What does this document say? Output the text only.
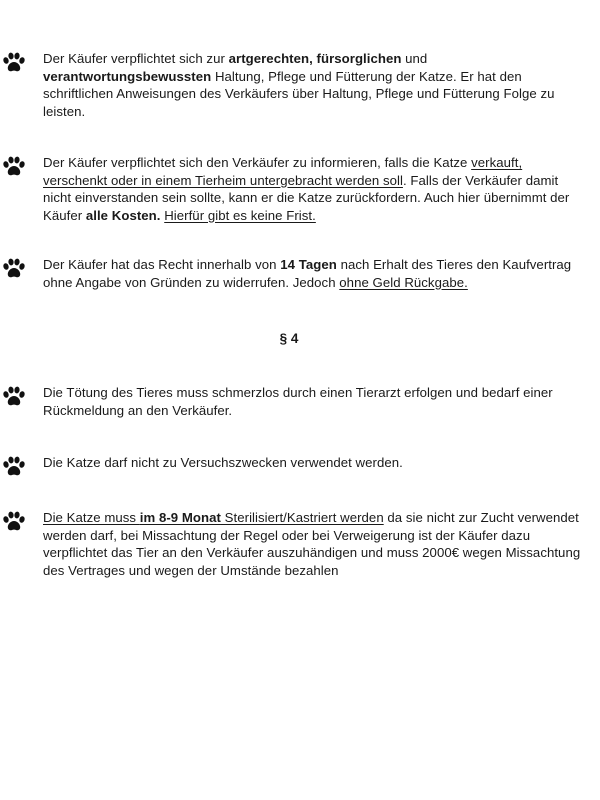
Der Käufer verpflichtet sich zur artgerechten, fürsorglichen und verantwortungsbewussten Haltung, Pflege und Fütterung der Katze. Er hat den schriftlichen Anweisungen des Verkäufers über Haltung, Pflege und Fütterung Folge zu leisten.
Der Käufer verpflichtet sich den Verkäufer zu informieren, falls die Katze verkauft, verschenkt oder in einem Tierheim untergebracht werden soll. Falls der Verkäufer damit nicht einverstanden sein sollte, kann er die Katze zurückfordern. Auch hier übernimmt der Käufer alle Kosten. Hierfür gibt es keine Frist.
Der Käufer hat das Recht innerhalb von 14 Tagen nach Erhalt des Tieres den Kaufvertrag ohne Angabe von Gründen zu widerrufen. Jedoch ohne Geld Rückgabe.
§ 4
Die Tötung des Tieres muss schmerzlos durch einen Tierarzt erfolgen und bedarf einer Rückmeldung an den Verkäufer.
Die Katze darf nicht zu Versuchszwecken verwendet werden.
Die Katze muss im 8-9 Monat Sterilisiert/Kastriert werden da sie nicht zur Zucht verwendet werden darf, bei Missachtung der Regel oder bei Verweigerung ist der Käufer dazu verpflichtet das Tier an den Verkäufer auszuhändigen und muss 2000€ wegen Missachtung des Vertrages und wegen der Umstände bezahlen
